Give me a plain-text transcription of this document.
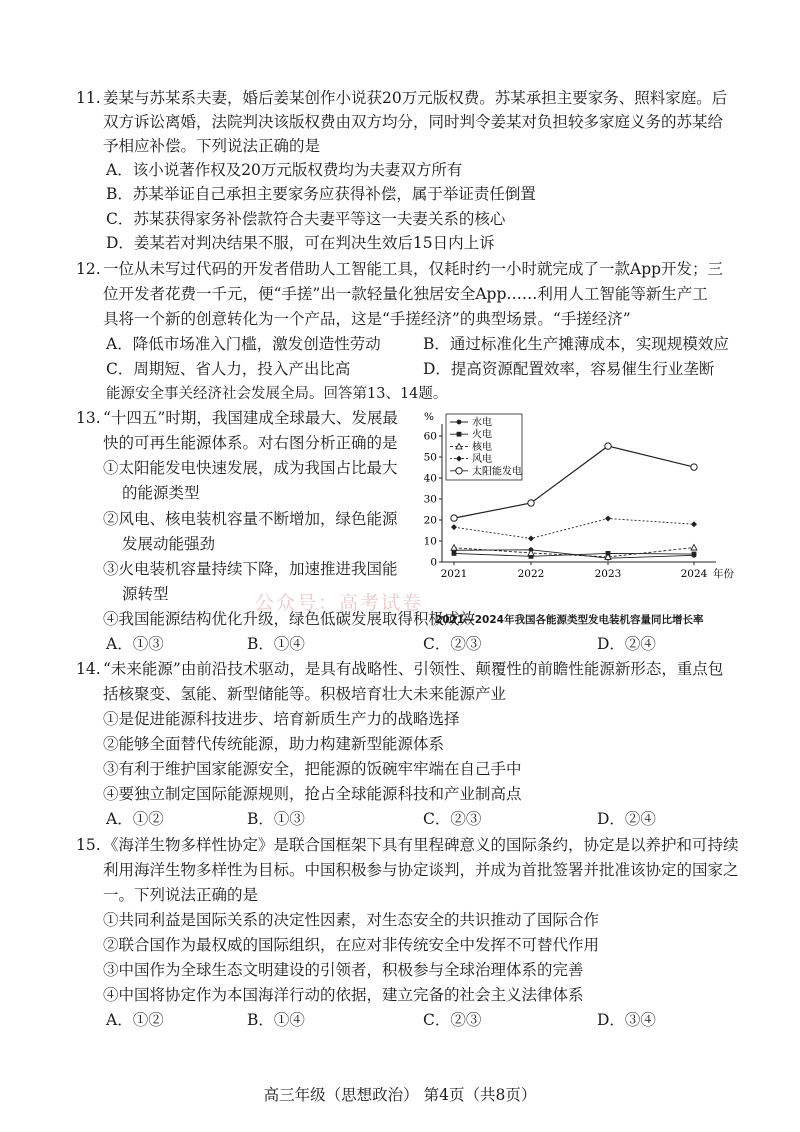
11. 姜某与苏某系夫妻，婚后姜某创作小说获20万元版权费。苏某承担主要家务、照料家庭。后
双方诉讼离婚，法院判决该版权费由双方均分，同时判令姜某对负担较多家庭义务的苏某给
予相应补偿。下列说法正确的是
A．该小说著作权及20万元版权费均为夫妻双方所有
B．苏某举证自己承担主要家务应获得补偿，属于举证责任倒置
C．苏某获得家务补偿款符合夫妻平等这一夫妻关系的核心
D．姜某若对判决结果不服，可在判决生效后15日内上诉
12. 一位从未写过代码的开发者借助人工智能工具，仅耗时约一小时就完成了一款App开发；三
位开发者花费一千元，便“手搓”出一款轻量化独居安全App……利用人工智能等新生产工
具将一个新的创意转化为一个产品，这是“手搓经济”的典型场景。“手搓经济”
A．降低市场准入门槛，激发创造性劳动	B．通过标准化生产摊薄成本，实现规模效应
C．周期短、省人力，投入产出比高	D．提高资源配置效率，容易催生行业垄断
能源安全事关经济社会发展全局。回答第13、14题。
13. “十四五”时期，我国建成全球最大、发展最
快的可再生能源体系。对右图分析正确的是
①太阳能发电快速发展，成为我国占比最大
的能源类型
②风电、核电装机容量不断增加，绿色能源
发展动能强劲
③火电装机容量持续下降，加速推进我国能
源转型
④我国能源结构优化升级，绿色低碳发展取得积极成效
A．①③	B．①④	C．②③	D．②④
公众号：高考试卷
%
0
10
20
30
40
50
60
2021	2022	2023	2024 年份
水电
火电
核电
风电
太阳能发电
2021—2024年我国各能源类型发电装机容量同比增长率
14. “未来能源”由前沿技术驱动，是具有战略性、引领性、颠覆性的前瞻性能源新形态，重点包
括核聚变、氢能、新型储能等。积极培育壮大未来能源产业
①是促进能源科技进步、培育新质生产力的战略选择
②能够全面替代传统能源，助力构建新型能源体系
③有利于维护国家能源安全，把能源的饭碗牢牢端在自己手中
④要独立制定国际能源规则，抢占全球能源科技和产业制高点
A．①②	B．①③	C．②③	D．②④
15. 《海洋生物多样性协定》是联合国框架下具有里程碑意义的国际条约，协定是以养护和可持续
利用海洋生物多样性为目标。中国积极参与协定谈判，并成为首批签署并批准该协定的国家之
一。下列说法正确的是
①共同利益是国际关系的决定性因素，对生态安全的共识推动了国际合作
②联合国作为最权威的国际组织，在应对非传统安全中发挥不可替代作用
③中国作为全球生态文明建设的引领者，积极参与全球治理体系的完善
④中国将协定作为本国海洋行动的依据，建立完备的社会主义法律体系
A．①②	B．①④	C．②③	D．③④
高三年级（思想政治） 第4页（共8页）
